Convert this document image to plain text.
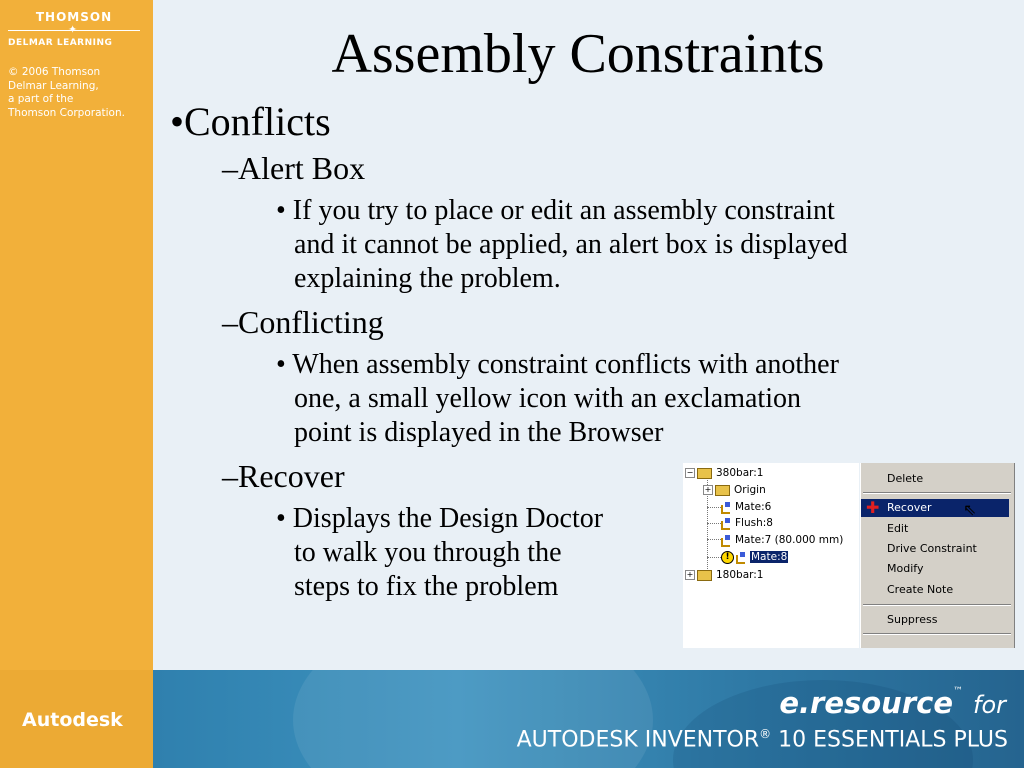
THOMSON
✦
DELMAR LEARNING
© 2006 Thomson
Delmar Learning,
a part of the
Thomson Corporation.
Assembly Constraints
•Conflicts
–Alert Box
• If you try to place or edit an assembly constraint
and it cannot be applied, an alert box is displayed
explaining the problem.
–Conflicting
• When assembly constraint conflicts with another
one, a small yellow icon with an exclamation
point is displayed in the Browser
–Recover
• Displays the Design Doctor
to walk you through the
steps to fix the problem
− 380bar:1
+ Origin
Mate:6
Flush:8
Mate:7 (80.000 mm)
! Mate:8
+ 180bar:1
Delete
✚ Recover ⇖
Edit
Drive Constraint
Modify
Create Note
Suppress
Autodesk	e.resource™ for
AUTODESK INVENTOR® 10 ESSENTIALS PLUS
